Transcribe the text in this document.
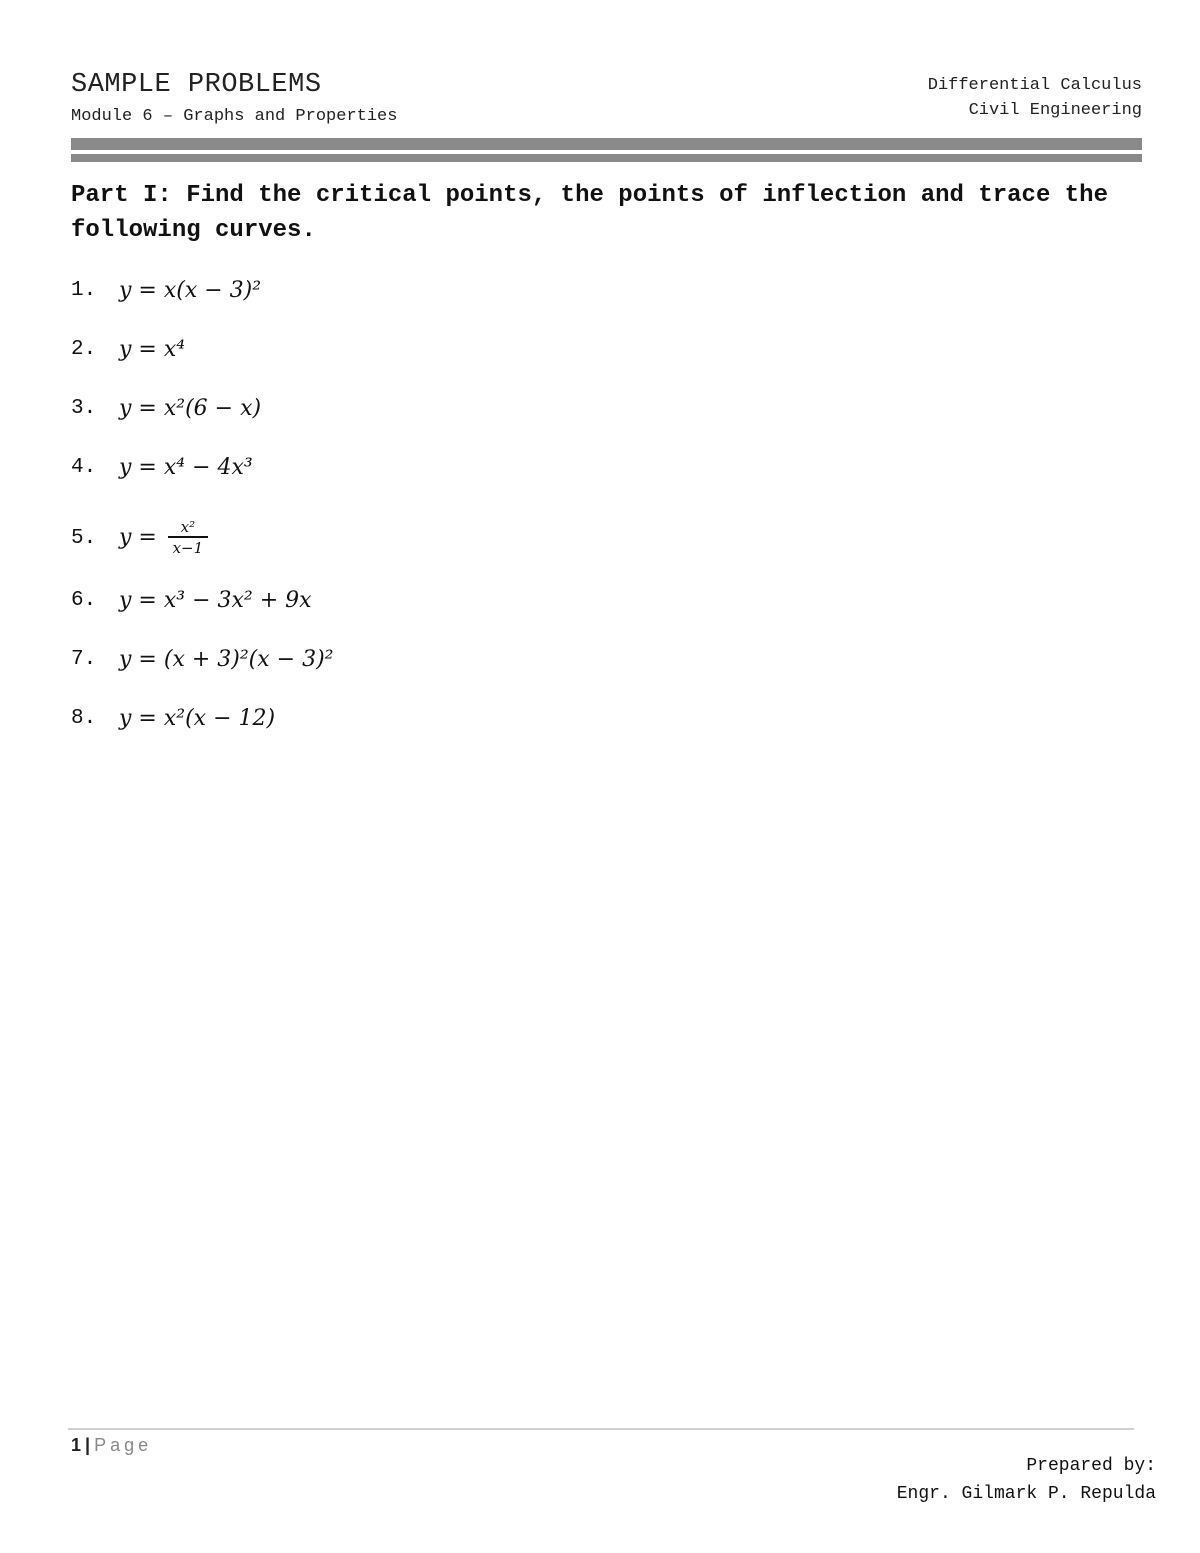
SAMPLE PROBLEMS
Module 6 – Graphs and Properties
Differential Calculus
Civil Engineering
Part I: Find the critical points, the points of inflection and trace the following curves.
1.	y = x(x − 3)²
2.	y = x⁴
3.	y = x²(6 − x)
4.	y = x⁴ − 4x³
5.	$y = \frac{\text{x²}}{x-1}$
6.	y = x³ − 3x² + 9x
7.	y = (x + 3)²(x − 3)²
8.	y = x²(x − 12)
1 | Page
Prepared by:
Engr. Gilmark P. Repulda
